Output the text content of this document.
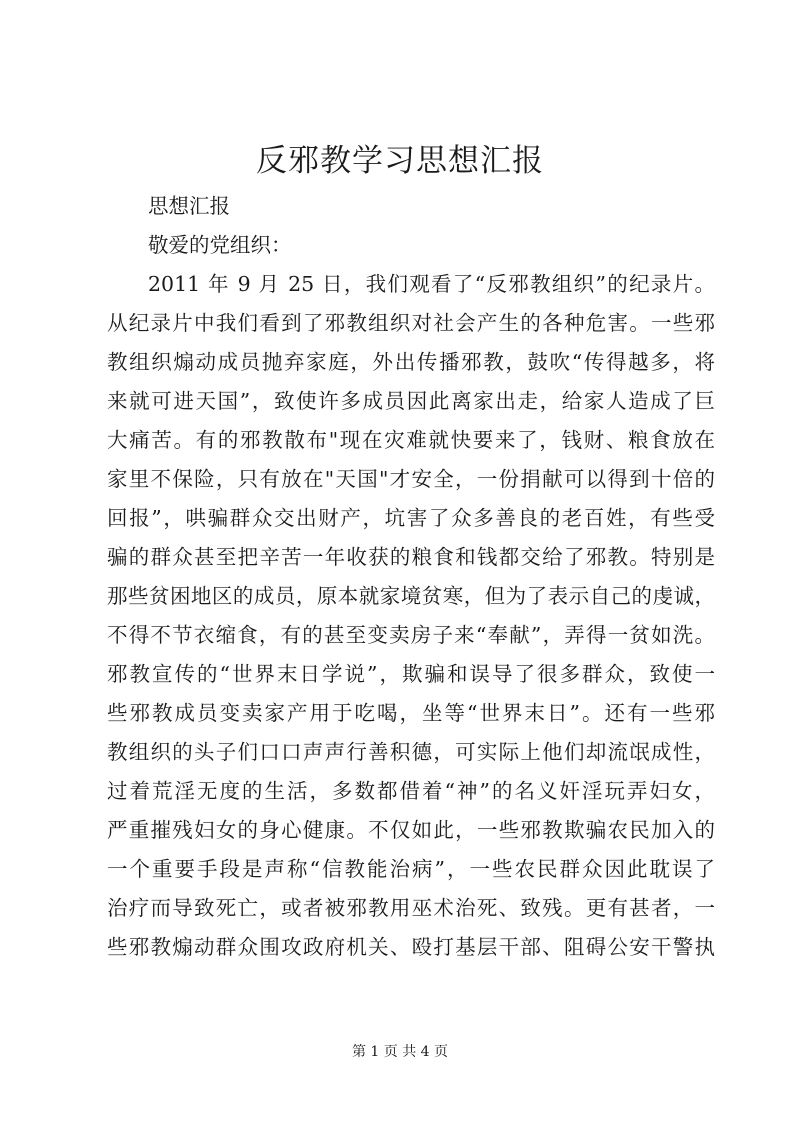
反邪教学习思想汇报

思想汇报

敬爱的党组织：

2011 年 9 月 25 日，我们观看了“反邪教组织”的纪录片。

从纪录片中我们看到了邪教组织对社会产生的各种危害。一些邪

教组织煽动成员抛弃家庭，外出传播邪教，鼓吹“传得越多，将

来就可进天国”，致使许多成员因此离家出走，给家人造成了巨

大痛苦。有的邪教散布"现在灾难就快要来了，钱财、粮食放在

家里不保险，只有放在"天国"才安全，一份捐献可以得到十倍的

回报”，哄骗群众交出财产，坑害了众多善良的老百姓，有些受

骗的群众甚至把辛苦一年收获的粮食和钱都交给了邪教。特别是

那些贫困地区的成员，原本就家境贫寒，但为了表示自己的虔诚，

不得不节衣缩食，有的甚至变卖房子来“奉献”，弄得一贫如洗。

邪教宣传的“世界末日学说”，欺骗和误导了很多群众，致使一

些邪教成员变卖家产用于吃喝，坐等“世界末日”。还有一些邪

教组织的头子们口口声声行善积德，可实际上他们却流氓成性，

过着荒淫无度的生活，多数都借着“神”的名义奸淫玩弄妇女，

严重摧残妇女的身心健康。不仅如此，一些邪教欺骗农民加入的

一个重要手段是声称“信教能治病”，一些农民群众因此耽误了

治疗而导致死亡，或者被邪教用巫术治死、致残。更有甚者，一

些邪教煽动群众围攻政府机关、殴打基层干部、阻碍公安干警执

第 1 页 共 4 页
